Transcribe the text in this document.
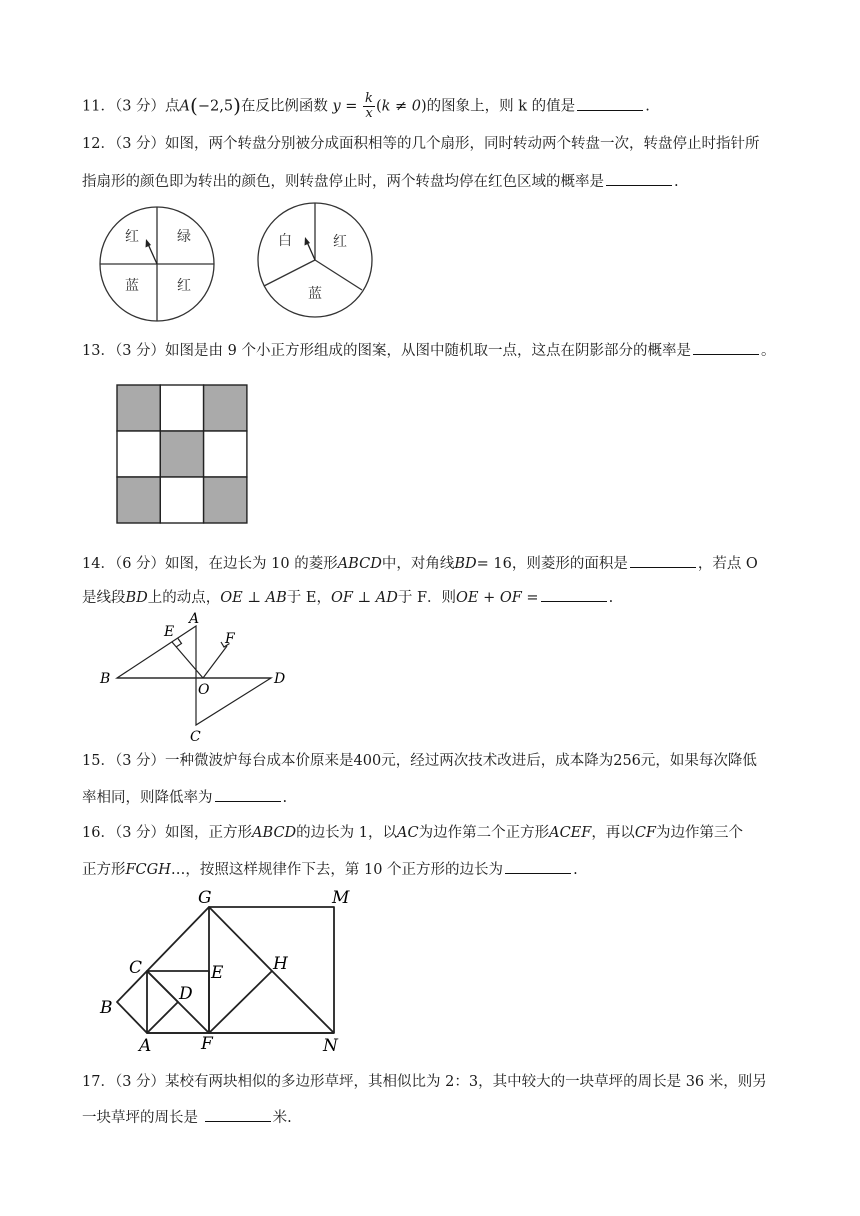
11．（3 分）点A(−2,5)在反比例函数 $y = \frac{k}{x} (k \ne 0)$的图象上，则 k 的值是	.
12．（3 分）如图，两个转盘分别被分成面积相等的几个扇形，同时转动两个转盘一次，转盘停止时指针所
指扇形的颜色即为转出的颜色，则转盘停止时，两个转盘均停在红色区域的概率是	.
红	绿
蓝	红
白	红
蓝
13．（3 分）如图是由 9 个小正方形组成的图案，从图中随机取一点，这点在阴影部分的概率是	。
14．（6 分）如图，在边长为 10 的菱形ABCD中，对角线BD= 16，则菱形的面积是	，若点 O
是线段BD上的动点，OE ⊥ AB于 E，OF ⊥ AD于 F．则OE + OF =	.
A
B
C
D
E	F
O
15．（3 分）一种微波炉每台成本价原来是400元，经过两次技术改进后，成本降为256元，如果每次降低
率相同，则降低率为	.
16．（3 分）如图，正方形ABCD的边长为 1，以AC为边作第二个正方形ACEF，再以CF为边作第三个
正方形FCGH…，按照这样规律作下去，第 10 个正方形的边长为	.
G	M
C	E	H
D
B
A	F	N
17．（3 分）某校有两块相似的多边形草坪，其相似比为 2：3，其中较大的一块草坪的周长是 36 米，则另
一块草坪的周长是	米.
